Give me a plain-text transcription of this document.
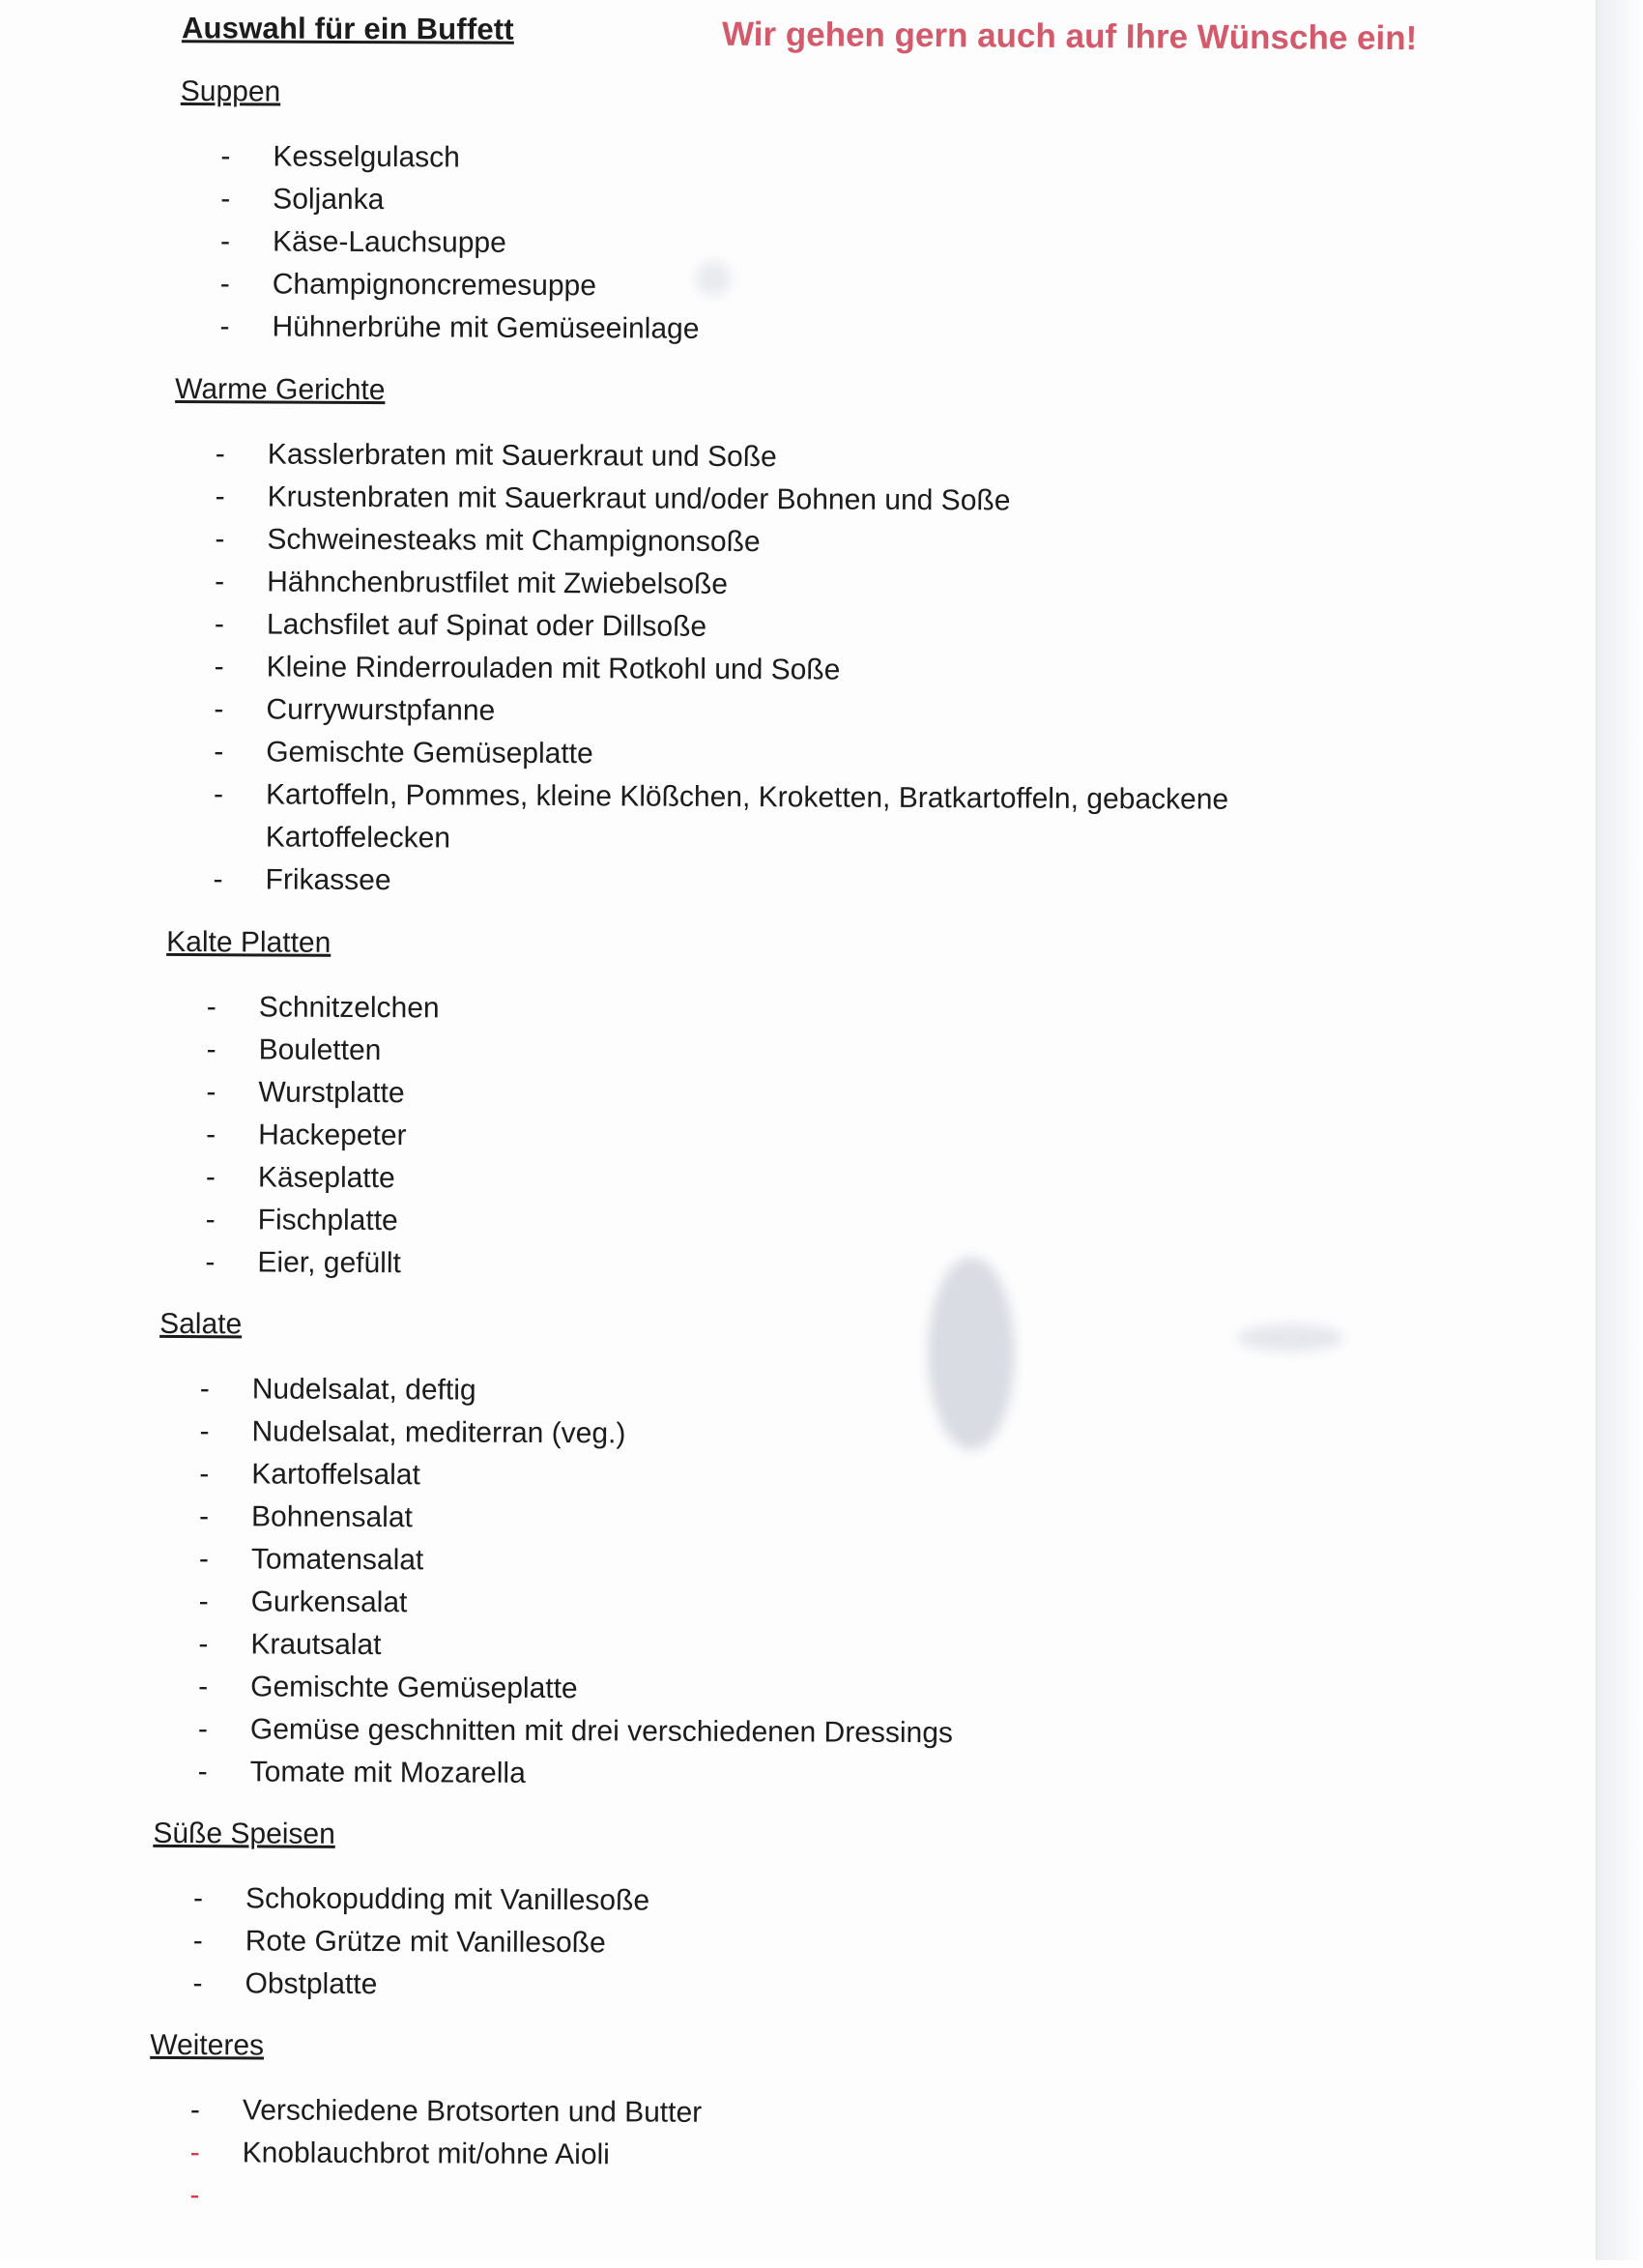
Auswahl für ein Buffett	Wir gehen gern auch auf Ihre Wünsche ein!
Suppen
-	Kesselgulasch
-	Soljanka
-	Käse-Lauchsuppe
-	Champignoncremesuppe
-	Hühnerbrühe mit Gemüseeinlage
Warme Gerichte
-	Kasslerbraten mit Sauerkraut und Soße
-	Krustenbraten mit Sauerkraut und/oder Bohnen und Soße
-	Schweinesteaks mit Champignonsoße
-	Hähnchenbrustfilet mit Zwiebelsoße
-	Lachsfilet auf Spinat oder Dillsoße
-	Kleine Rinderrouladen mit Rotkohl und Soße
-	Currywurstpfanne
-	Gemischte Gemüseplatte
-	Kartoffeln, Pommes, kleine Klößchen, Kroketten, Bratkartoffeln, gebackene Kartoffelecken
-	Frikassee
Kalte Platten
-	Schnitzelchen
-	Bouletten
-	Wurstplatte
-	Hackepeter
-	Käseplatte
-	Fischplatte
-	Eier, gefüllt
Salate
-	Nudelsalat, deftig
-	Nudelsalat, mediterran (veg.)
-	Kartoffelsalat
-	Bohnensalat
-	Tomatensalat
-	Gurkensalat
-	Krautsalat
-	Gemischte Gemüseplatte
-	Gemüse geschnitten mit drei verschiedenen Dressings
-	Tomate mit Mozarella
Süße Speisen
-	Schokopudding mit Vanillesoße
-	Rote Grütze mit Vanillesoße
-	Obstplatte
Weiteres
-	Verschiedene Brotsorten und Butter
-	Knoblauchbrot mit/ohne Aioli
-
